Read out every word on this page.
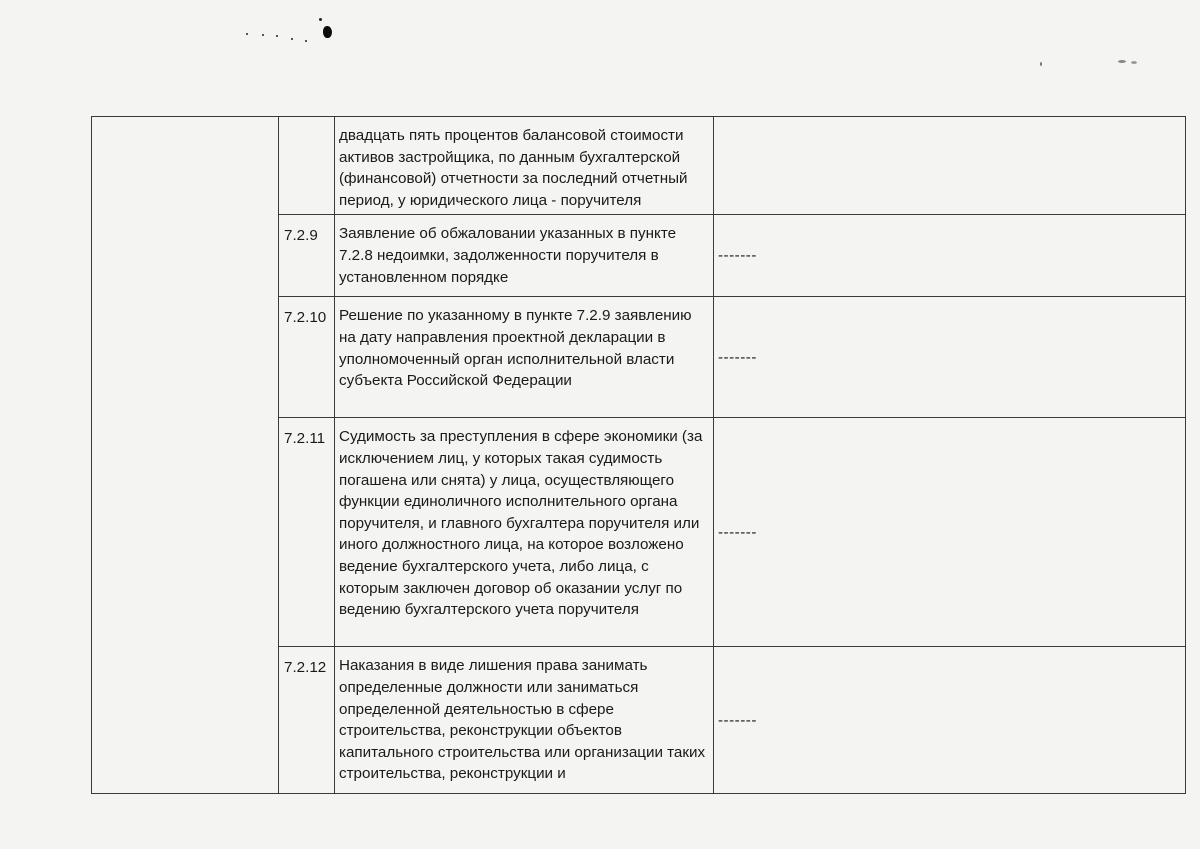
		двадцать пять процентов балансовой стоимости активов застройщика, по данным бухгалтерской (финансовой) отчетности за последний отчетный период, у юридического лица - поручителя	
	7.2.9	Заявление об обжаловании указанных в пункте 7.2.8 недоимки, задолженности поручителя в установленном порядке	-------
	7.2.10	Решение по указанному в пункте 7.2.9 заявлению на дату направления проектной декларации в уполномоченный орган исполнительной власти субъекта Российской Федерации	-------
	7.2.11	Судимость за преступления в сфере экономики (за исключением лиц, у которых такая судимость погашена или снята) у лица, осуществляющего функции единоличного исполнительного органа поручителя, и главного бухгалтера поручителя или иного должностного лица, на которое возложено ведение бухгалтерского учета, либо лица, с которым заключен договор об оказании услуг по ведению бухгалтерского учета поручителя	-------
	7.2.12	Наказания в виде лишения права занимать определенные должности или заниматься определенной деятельностью в сфере строительства, реконструкции объектов капитального строительства или организации таких строительства, реконструкции и	-------
